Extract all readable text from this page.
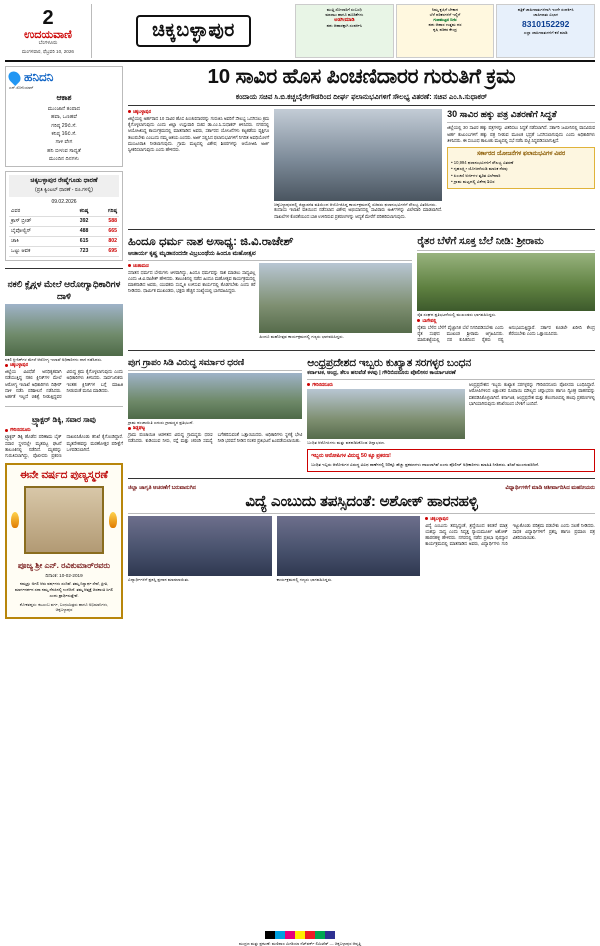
2
ಉದಯವಾಣಿ
ಬೆಂಗಳೂರು
ಮಂಗಳವಾರ, ಫೆಬ್ರವರಿ 10, 2026
ಚಿಕ್ಕಬಳ್ಳಾಪುರ
ಮುತ್ತಿ ಸೋಲಾರಿಗೆ ಸಂಬಂಧಿ
ಮಾರಾಟ ಹಾಗೂ ಹೂಡಿಕೆಗಳು
ಅಡಗೀಮಾಡಿ
ಪಶು ಆಹಾರಕ್ಕಾಗಿ ಸಂಪರ್ಕಿಸಿ
ನಿಮ್ಮ ಕೃಷಿಗೆ ಬೇಕಾದ
ಬೆಳೆ ಪರಿಕರಗಳಿಗೆ ಇಲ್ಲಿಗೆ
ಗುಣಮಟ್ಟದ ಬೀಜ
ಪಶು ಆಹಾರ ಉತ್ತಮ ದರ
ಕೃಷಿ ಪರಿಕರ ಕೇಂದ್ರ
ಪತ್ರಿಕೆ ಜಾಹೀರಾತುಗಳಿಗಾಗಿ ಇಂದೇ ಸಂಪರ್ಕಿಸಿ
ಜಾಹೀರಾತು ವಿಭಾಗ
8310152292
ಎಲ್ಲಾ ಜಾಹೀರಾತುಗಳಿಗೆ ಕರೆ ಮಾಡಿ
ಹನಿದನಿ
ಎನ್.ಸೋನಿಯಾನ್
ಆಕಾಶ
ಮುಂಜಾನೆ ತಂಪಾದ
ಹವಾ, ಒಣಹವೆ
ಗರಿಷ್ಠ 29ಲಿ.ಸೆ.
ಕನಿಷ್ಠ 16ಲಿ.ಸೆ.
ಗಾಳಿ ವೇಗ
ಹನಿ ಬೀಳುವ ಸಾಧ್ಯತೆ
ಮುಂದಿನ ದಿನಗಳು
ಚಿಕ್ಕಬಳ್ಳಾಪುರ ರೇಷ್ಮೆಗೂಡು ಧಾರಣೆ
(ಪ್ರತಿ ಕ್ವಿಂಟಲ್ ಧಾರಣೆ - ರೂ.ಗಳಲ್ಲಿ)
09.02.2026
ವಿವರ	ಕನಿಷ್ಠ	ಗರಿಷ್ಠ
ಕ್ರಾಸ್ ಬ್ರೀಡ್	392	588
ಬೈವೋಲ್ಟಿನ್	488	665
ಚಾಕಿ	615	802
ಒಟ್ಟು ಆವಕ	723	695
ನಕಲಿ ಕ್ಲೈಸ್ಗಳ ಮೇಲೆ ಆರೋಗ್ಯಾಧಿಕಾರಿಗಳ ದಾಳಿ
ನಕಲಿ ಕ್ಲೀನಿಕ್‌ಗಳ ಮೇಲೆ ಆರೋಗ್ಯ ಇಲಾಖೆ ಅಧಿಕಾರಿಗಳು ದಾಳಿ ನಡೆಸಿದರು.
ಚಿಕ್ಕಬಳ್ಳಾಪುರ

ಜಿಲ್ಲೆಯ ವಿವಿಧೆಡೆ ಅನಧಿಕೃತವಾಗಿ ನಡೆಯುತ್ತಿದ್ದ ನಕಲಿ ಕ್ಲಿನಿಕ್‌ಗಳ ಮೇಲೆ ಆರೋಗ್ಯ ಇಲಾಖೆ ಅಧಿಕಾರಿಗಳು ದಿಢೀರ್ ದಾಳಿ ನಡೆಸಿ ಪರಿಶೀಲನೆ ನಡೆಸಿದರು. ಅರ್ಹತೆ ಇಲ್ಲದೆ ಚಿಕಿತ್ಸೆ ನೀಡುತ್ತಿದ್ದವರ ವಿರುದ್ಧ ಕ್ರಮ ಕೈಗೊಳ್ಳಲಾಗುವುದು ಎಂದು ಅಧಿಕಾರಿಗಳು ತಿಳಿಸಿದರು. ಸಾರ್ವಜನಿಕರು ಇಂತಹ ಕ್ಲಿನಿಕ್‌ಗಳ ಬಗ್ಗೆ ಮಾಹಿತಿ ನೀಡುವಂತೆ ಮನವಿ ಮಾಡಿದರು.

ಟ್ರ್ಯಾಕ್ಟರ್ ಡಿಕ್ಕಿ, ಸವಾರ ಸಾವು
ಗೌರಿಬಿದನೂರು

ಟ್ರ್ಯಾಕ್ಟರ್ ಡಿಕ್ಕಿ ಹೊಡೆದ ಪರಿಣಾಮ ಬೈಕ್ ಸವಾರ ಸ್ಥಳದಲ್ಲೇ ಮೃತಪಟ್ಟ ಘಟನೆ ತಾಲೂಕಿನಲ್ಲಿ ನಡೆದಿದೆ. ಮೃತರನ್ನು ಗುರುತಿಸಲಾಗಿದ್ದು, ಪೊಲೀಸರು ಪ್ರಕರಣ ದಾಖಲಿಸಿಕೊಂಡು ತನಿಖೆ ಕೈಗೊಂಡಿದ್ದಾರೆ. ಮೃತದೇಹವನ್ನು ಮರಣೋತ್ತರ ಪರೀಕ್ಷೆಗೆ ಒಳಪಡಿಸಲಾಗಿದೆ.

ಈನೇ ವರ್ಷದ ಪುಣ್ಯಸ್ಮರಣೆ
ಪೂಜ್ಯ ಶ್ರೀ ಎನ್. ರವಿಕುಮಾರ್‌ರವರು
ದಿನಾಂಕ: 10-02-2019
ನಮ್ಮನ್ನು ಅಗಲಿ ಆರು ವರ್ಷಗಳು ಸಂದಿವೆ. ತಮ್ಮ ನಿಸ್ವಾರ್ಥ ಸೇವೆ, ಪ್ರೀತಿ, ಮಾರ್ಗದರ್ಶನ ಸದಾ ನಮ್ಮ ನೆನಪಿನಲ್ಲಿ ಉಳಿದಿದೆ. ತಮ್ಮ ಆತ್ಮಕ್ಕೆ ಚಿರಶಾಂತಿ ಸಿಗಲಿ ಎಂದು ಪ್ರಾರ್ಥಿಸುತ್ತೇವೆ.
ಶೋಕತಪ್ತರು: ಕುಟುಂಬ ವರ್ಗ, ಬಂಧುಮಿತ್ರರು ಹಾಗೂ ಅಭಿಮಾನಿಗಳು, ಚಿಕ್ಕಬಳ್ಳಾಪುರ
10 ಸಾವಿರ ಹೊಸ ಪಿಂಚಣಿದಾರರ ಗುರುತಿಗೆ ಕ್ರಮ
ಕಂದಾಯ ಸಚಿವ ಸಿ.ಬಿ.ಕಚ್ಚಬೈರೇಗೌಡರಿಂದ ದೀರ್ಘ ಫಲಾನುಭವಿಗಳಿಗೆ ಸೌಲಭ್ಯ ವಿತರಣೆ: ಸಚಿವ ಎಂ.ಸಿ.ಸುಧಾಕರ್
ಚಿಕ್ಕಬಳ್ಳಾಪುರ

ಜಿಲ್ಲೆಯಲ್ಲಿ ಅರ್ಹರಾದ 10 ಸಾವಿರ ಹೊಸ ಪಿಂಚಣಿದಾರರನ್ನು ಗುರುತಿಸಿ ಅವರಿಗೆ ಸೌಲಭ್ಯ ಒದಗಿಸಲು ಕ್ರಮ ಕೈಗೊಳ್ಳಲಾಗುವುದು ಎಂದು ಜಿಲ್ಲಾ ಉಸ್ತುವಾರಿ ಸಚಿವ ಡಾ.ಎಂ.ಸಿ.ಸುಧಾಕರ್ ತಿಳಿಸಿದರು. ನಗರದಲ್ಲಿ ಆಯೋಜಿಸಿದ್ದ ಕಾರ್ಯಕ್ರಮದಲ್ಲಿ ಮಾತನಾಡಿದ ಅವರು, ಸರ್ಕಾರದ ಯೋಜನೆಗಳು ಕಟ್ಟಕಡೆಯ ವ್ಯಕ್ತಿಗೂ ತಲುಪಬೇಕು ಎಂಬುದು ನಮ್ಮ ಆಶಯ ಎಂದರು. ಅರ್ಜಿ ಸಲ್ಲಿಸಿದ ಫಲಾನುಭವಿಗಳಿಗೆ ನಿಗದಿತ ಅವಧಿಯೊಳಗೆ ಮಂಜೂರಾತಿ ನೀಡಲಾಗುವುದು. ಗ್ರಾಮ ಮಟ್ಟದಲ್ಲಿ ವಿಶೇಷ ಶಿಬಿರಗಳನ್ನು ಆಯೋಜಿಸಿ ಅರ್ಜಿ ಸ್ವೀಕರಿಸಲಾಗುವುದು ಎಂದು ಹೇಳಿದರು.

ಚಿಕ್ಕಬಳ್ಳಾಪುರದಲ್ಲಿ ಜಿಲ್ಲಾಡಳಿತ ವತಿಯಿಂದ ಆಯೋಜಿಸಿದ್ದ ಕಾರ್ಯಕ್ರಮದಲ್ಲಿ ಸಚಿವರು ಫಲಾನುಭವಿಗಳಿಗೆ ಸೌಲಭ್ಯ ವಿತರಿಸಿದರು.

ಕಂದಾಯ ಇಲಾಖೆ ವತಿಯಿಂದ ನಡೆಸಲಾದ ವಿಶೇಷ ಅಭಿಯಾನದಲ್ಲಿ ಸಾವಿರಾರು ಅರ್ಜಿಗಳನ್ನು ವಿಲೇವಾರಿ ಮಾಡಲಾಗಿದೆ. ದಾಖಲೆಗಳ ಕೊರತೆಯಿಂದ ಬಾಕಿ ಉಳಿದಿರುವ ಪ್ರಕರಣಗಳನ್ನು ಆದ್ಯತೆ ಮೇರೆಗೆ ಪರಿಹರಿಸಲಾಗುವುದು.

30 ಸಾವಿರ ಹಕ್ಕು ಪತ್ರ ವಿತರಣೆಗೆ ಸಿದ್ಧತೆ

ಜಿಲ್ಲೆಯಲ್ಲಿ 30 ಸಾವಿರ ಹಕ್ಕು ಪತ್ರಗಳನ್ನು ವಿತರಿಸಲು ಸಿದ್ಧತೆ ನಡೆಸಲಾಗಿದೆ. ಸರ್ಕಾರಿ ಜಮೀನಿನಲ್ಲಿ ವಾಸವಿರುವ ಅರ್ಹ ಕುಟುಂಬಗಳಿಗೆ ಹಕ್ಕು ಪತ್ರ ನೀಡುವ ಮೂಲಕ ಭದ್ರತೆ ಒದಗಿಸಲಾಗುವುದು ಎಂದು ಅಧಿಕಾರಿಗಳು ತಿಳಿಸಿದರು. ಈ ಸಂಬಂಧ ತಾಲೂಕು ಮಟ್ಟದಲ್ಲಿ ಸಭೆ ನಡೆಸಿ ಪಟ್ಟಿ ಸಿದ್ಧಪಡಿಸಲಾಗುತ್ತಿದೆ.

ಸರ್ಕಾರದ ಯೋಜನೆಗಳ ಫಲಾನುಭವಿಗಳ ವಿವರ
• 10,994 ಫಲಾನುಭವಿಗಳಿಗೆ ಸೌಲಭ್ಯ ವಿತರಣೆ
• ಗೃಹಲಕ್ಷ್ಮೀ ಯೋಜನೆಯಡಿ ಮಾಸಿಕ ನೆರವು
• ಪಿಂಚಣಿ ಅರ್ಜಿಗಳ ತ್ವರಿತ ವಿಲೇವಾರಿ
• ಗ್ರಾಮ ಮಟ್ಟದಲ್ಲಿ ವಿಶೇಷ ಶಿಬಿರ
ಹಿಂದೂ ಧರ್ಮ ನಾಶ ಅಸಾಧ್ಯ: ಜಿ.ವಿ.ರಾಜೇಶ್
ಆಚಾರ್ಯ ಕೃಷ್ಣ ಮೃಡಾನಂದಜೀ ವಿಬ್ರಬಂಥೆಯ ಹಿಂದೂ ಮಹೋತ್ಸವ
ಚಿಂತಾಮಣಿ

ಸನಾತನ ಧರ್ಮದ ಬೇರುಗಳು ಆಳವಾಗಿದ್ದು, ಹಿಂದೂ ಧರ್ಮವನ್ನು ನಾಶ ಮಾಡಲು ಸಾಧ್ಯವಿಲ್ಲ ಎಂದು ಜಿ.ವಿ.ರಾಜೇಶ್ ಹೇಳಿದರು. ತಾಲೂಕಿನಲ್ಲಿ ನಡೆದ ಹಿಂದೂ ಮಹೋತ್ಸವ ಕಾರ್ಯಕ್ರಮದಲ್ಲಿ ಮಾತನಾಡಿದ ಅವರು, ಯುವಕರು ಸಂಸ್ಕೃತಿ ಉಳಿಸುವ ಕಾರ್ಯದಲ್ಲಿ ತೊಡಗಬೇಕು ಎಂದು ಕರೆ ನೀಡಿದರು. ಧಾರ್ಮಿಕ ಮುಖಂಡರು, ಭಕ್ತರು ಹೆಚ್ಚಿನ ಸಂಖ್ಯೆಯಲ್ಲಿ ಭಾಗವಹಿಸಿದ್ದರು.

ಹಿಂದೂ ಮಹೋತ್ಸವ ಕಾರ್ಯಕ್ರಮದಲ್ಲಿ ಗಣ್ಯರು ಭಾಗವಹಿಸಿದ್ದರು.
ರೈತರ ಬೆಳೆಗೆ ಸೂಕ್ತ ಬೆಲೆ ನೀಡಿ: ಶ್ರೀರಾಮ
ರೈತ ಸಂಘದ ಪ್ರತಿಭಟನೆಯಲ್ಲಿ ಮುಖಂಡರು ಭಾಗವಹಿಸಿದ್ದರು.
ಬಾಗೇಪಲ್ಲಿ

ರೈತರು ಬೆಳೆದ ಬೆಳೆಗೆ ವೈಜ್ಞಾನಿಕ ಬೆಲೆ ನಿಗದಿಪಡಿಸಬೇಕು ಎಂದು ರೈತ ಸಂಘದ ಮುಖಂಡ ಶ್ರೀರಾಮ ಆಗ್ರಹಿಸಿದರು. ಮಾರುಕಟ್ಟೆಯಲ್ಲಿ ದರ ಕುಸಿತದಿಂದ ರೈತರು ನಷ್ಟ ಅನುಭವಿಸುತ್ತಿದ್ದಾರೆ. ಸರ್ಕಾರ ಕೂಡಲೇ ಖರೀದಿ ಕೇಂದ್ರ ತೆರೆಯಬೇಕು ಎಂದು ಒತ್ತಾಯಿಸಿದರು.

ಪುಗ ಗ್ರಾಪಂ ಸಿಡಿ ವಿರುದ್ಧ ಸರ್ಮಾರ ಧರಣಿ
ಗ್ರಾಮ ಪಂಚಾಯಿತಿ ಎದುರು ಗ್ರಾಮಸ್ಥರ ಪ್ರತಿಭಟನೆ.
ಶಿಡ್ಲಘಟ್ಟ

ಗ್ರಾಮ ಪಂಚಾಯಿತಿ ಆಡಳಿತದ ವಿರುದ್ಧ ಗ್ರಾಮಸ್ಥರು ಧರಣಿ ನಡೆಸಿದರು. ಕುಡಿಯುವ ನೀರು, ರಸ್ತೆ ಮತ್ತು ಚರಂಡಿ ಸಮಸ್ಯೆ ಬಗೆಹರಿಸುವಂತೆ ಒತ್ತಾಯಿಸಿದರು. ಅಧಿಕಾರಿಗಳು ಸ್ಥಳಕ್ಕೆ ಭೇಟಿ ನೀಡಿ ಭರವಸೆ ನೀಡಿದ ನಂತರ ಪ್ರತಿಭಟನೆ ಹಿಂಪಡೆಯಲಾಯಿತು.

ಆಂಧ್ರಪ್ರದೇಶದ ಇಬ್ಬರು ಕುಖ್ಯಾತ ಸರಗಳ್ಳರ ಬಂಧನ
ಕರ್ನಾಟಕ, ಆಂಧ್ರ, ತೆಲಂ ಹಲವೆಡೆ ಕಳವು | ಗೌರಿಬಿದನೂರು ಪೊಲೀಸರ ಕಾರ್ಯಾಚರಣೆ
ಗೌರಿಬಿದನೂರು
ಬಂಧಿತ ಆರೋಪಿಗಳು ಮತ್ತು ವಶಪಡಿಸಿಕೊಂಡ ಚಿನ್ನಾಭರಣ.

ಆಂಧ್ರಪ್ರದೇಶದ ಇಬ್ಬರು ಕುಖ್ಯಾತ ಸರಗಳ್ಳರನ್ನು ಗೌರಿಬಿದನೂರು ಪೊಲೀಸರು ಬಂಧಿಸಿದ್ದಾರೆ. ಆರೋಪಿಗಳಿಂದ ಲಕ್ಷಾಂತರ ರೂಪಾಯಿ ಮೌಲ್ಯದ ಚಿನ್ನಾಭರಣ ಹಾಗೂ ದ್ವಿಚಕ್ರ ವಾಹನವನ್ನು ವಶಪಡಿಸಿಕೊಳ್ಳಲಾಗಿದೆ. ಕರ್ನಾಟಕ, ಆಂಧ್ರಪ್ರದೇಶ ಮತ್ತು ತೆಲಂಗಾಣದಲ್ಲಿ ಹಲವು ಪ್ರಕರಣಗಳಲ್ಲಿ ಭಾಗಿಯಾಗಿರುವುದು ತನಿಖೆಯಿಂದ ಬೆಳಕಿಗೆ ಬಂದಿದೆ.

ಇಬ್ಬರು ಆರೋಪಿಗಳ ವಿರುದ್ಧ 50 ಕ್ಕೂ ಪ್ರಕರಣ!
ಬಂಧಿತ ಇಬ್ಬರು ಆರೋಪಿಗಳ ವಿರುದ್ಧ ವಿವಿಧ ಠಾಣೆಗಳಲ್ಲಿ 50ಕ್ಕೂ ಹೆಚ್ಚು ಪ್ರಕರಣಗಳು ದಾಖಲಾಗಿವೆ ಎಂದು ಪೊಲೀಸ್ ಅಧಿಕಾರಿಗಳು ಮಾಹಿತಿ ನೀಡಿದರು. ತನಿಖೆ ಮುಂದುವರಿದಿದೆ.
ಜಿಲ್ಲಾ ಜಾಗೃತಿ ಆಚರಣೆಗೆ ಬರುವಾನುಗಿನ	ವಿಧ್ಯಾರ್ಥಿಗಳಿಗೆ ಮಾಡಿ ಆಶೀರ್ವಾದಿಸಿದ ಮಹನೀಯರು
ವಿದ್ಯೆ ಎಂಬುದು ತಪಸ್ಸಿದಂತೆ: ಅಶೋಕ್ ಹಾರನಹಳ್ಳಿ
ವಿದ್ಯಾರ್ಥಿಗಳಿಗೆ ಪ್ರಶಸ್ತಿ ಪ್ರದಾನ ಮಾಡಲಾಯಿತು.	ಕಾರ್ಯಕ್ರಮದಲ್ಲಿ ಗಣ್ಯರು ಭಾಗವಹಿಸಿದ್ದರು.
ಚಿಕ್ಕಬಳ್ಳಾಪುರ

ವಿದ್ಯೆ ಎಂಬುದು ತಪಸ್ಸಿದ್ದಂತೆ, ಶ್ರದ್ಧೆಯಿಂದ ಕಲಿತರೆ ಮಾತ್ರ ಯಶಸ್ಸು ಸಾಧ್ಯ ಎಂದು ನಿವೃತ್ತ ನ್ಯಾಯಮೂರ್ತಿ ಅಶೋಕ್ ಹಾರನಹಳ್ಳಿ ಹೇಳಿದರು. ನಗರದಲ್ಲಿ ನಡೆದ ಪ್ರತಿಭಾ ಪುರಸ್ಕಾರ ಕಾರ್ಯಕ್ರಮದಲ್ಲಿ ಮಾತನಾಡಿದ ಅವರು, ವಿದ್ಯಾರ್ಥಿಗಳು ಗುರಿ ಇಟ್ಟುಕೊಂಡು ಪರಿಶ್ರಮ ಪಡಬೇಕು ಎಂದು ಸಲಹೆ ನೀಡಿದರು. ಸಾಧಕ ವಿದ್ಯಾರ್ಥಿಗಳಿಗೆ ಪ್ರಶಸ್ತಿ ಹಾಗೂ ಪ್ರಮಾಣ ಪತ್ರ ವಿತರಿಸಲಾಯಿತು.

ಮುದ್ರಣ ಮತ್ತು ಪ್ರಕಟಣೆ: ಮಣಿಪಾಲ ಮೀಡಿಯಾ ನೆಟ್‌ವರ್ಕ್ ಲಿಮಿಟೆಡ್ — ಚಿಕ್ಕಬಳ್ಳಾಪುರ ಆವೃತ್ತಿ
